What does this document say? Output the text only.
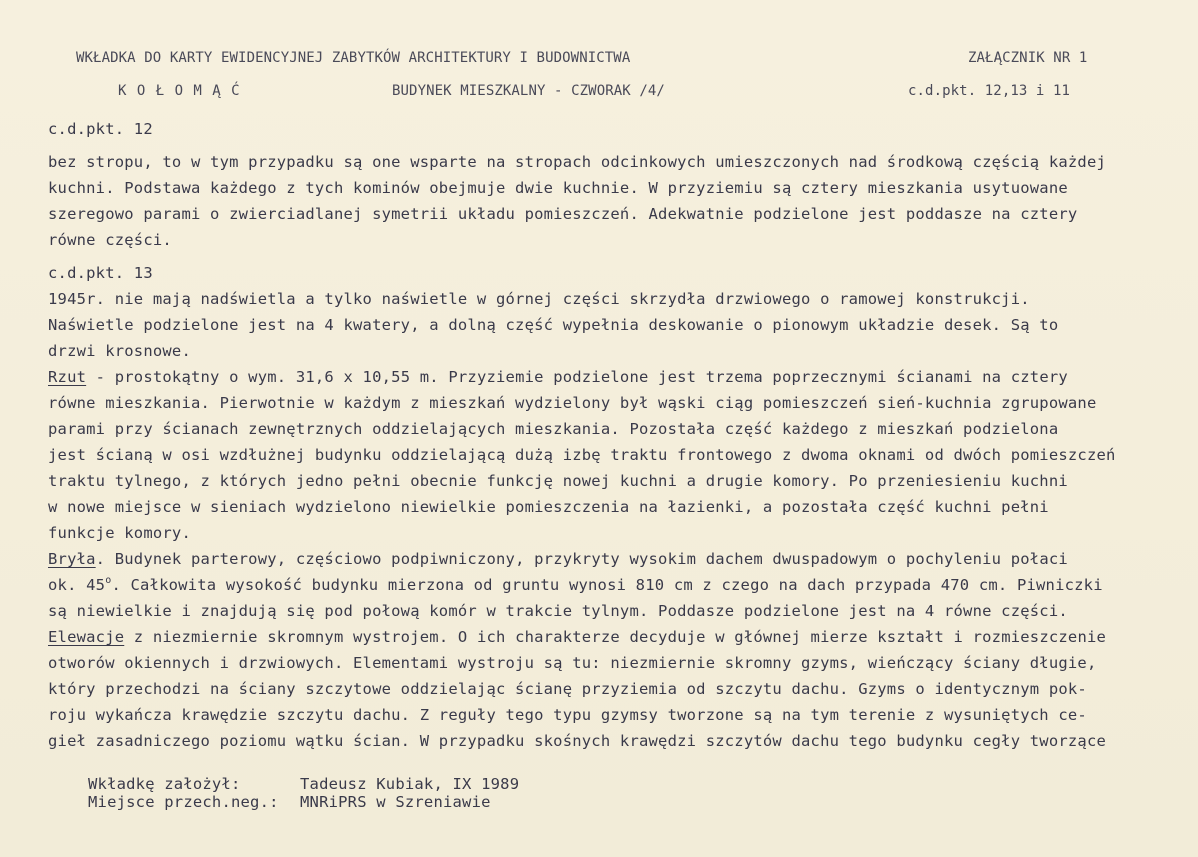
WKŁADKA DO KARTY EWIDENCYJNEJ ZABYTKÓW ARCHITEKTURY I BUDOWNICTWA	ZAŁĄCZNIK NR 1
K O Ł O M Ą Ć	BUDYNEK MIESZKALNY - CZWORAK /4/	c.d.pkt. 12,13 i 11
c.d.pkt. 12
bez stropu, to w tym przypadku są one wsparte na stropach odcinkowych umieszczonych nad środkową częścią każdej
kuchni. Podstawa każdego z tych kominów obejmuje dwie kuchnie. W przyziemiu są cztery mieszkania usytuowane
szeregowo parami o zwierciadlanej symetrii układu pomieszczeń. Adekwatnie podzielone jest poddasze na cztery
równe części.
c.d.pkt. 13
1945r. nie mają nadświetla a tylko naświetle w górnej części skrzydła drzwiowego o ramowej konstrukcji.
Naświetle podzielone jest na 4 kwatery, a dolną część wypełnia deskowanie o pionowym układzie desek. Są to
drzwi krosnowe.
Rzut - prostokątny o wym. 31,6 x 10,55 m. Przyziemie podzielone jest trzema poprzecznymi ścianami na cztery
równe mieszkania. Pierwotnie w każdym z mieszkań wydzielony był wąski ciąg pomieszczeń sień-kuchnia zgrupowane
parami przy ścianach zewnętrznych oddzielających mieszkania. Pozostała część każdego z mieszkań podzielona
jest ścianą w osi wzdłużnej budynku oddzielającą dużą izbę traktu frontowego z dwoma oknami od dwóch pomieszczeń
traktu tylnego, z których jedno pełni obecnie funkcję nowej kuchni a drugie komory. Po przeniesieniu kuchni
w nowe miejsce w sieniach wydzielono niewielkie pomieszczenia na łazienki, a pozostała część kuchni pełni
funkcje komory.
Bryła. Budynek parterowy, częściowo podpiwniczony, przykryty wysokim dachem dwuspadowym o pochyleniu połaci
ok. 45$^o$. Całkowita wysokość budynku mierzona od gruntu wynosi 810 cm z czego na dach przypada 470 cm. Piwniczki
są niewielkie i znajdują się pod połową komór w trakcie tylnym. Poddasze podzielone jest na 4 równe części.
Elewacje z niezmiernie skromnym wystrojem. O ich charakterze decyduje w głównej mierze kształt i rozmieszczenie
otworów okiennych i drzwiowych. Elementami wystroju są tu: niezmiernie skromny gzyms, wieńczący ściany długie,
który przechodzi na ściany szczytowe oddzielając ścianę przyziemia od szczytu dachu. Gzyms o identycznym pok-
roju wykańcza krawędzie szczytu dachu. Z reguły tego typu gzymsy tworzone są na tym terenie z wysuniętych ce-
gieł zasadniczego poziomu wątku ścian. W przypadku skośnych krawędzi szczytów dachu tego budynku cegły tworzące
Wkładkę założył:	Tadeusz Kubiak, IX 1989
Miejsce przech.neg.: MNRiPRS w Szreniawie
